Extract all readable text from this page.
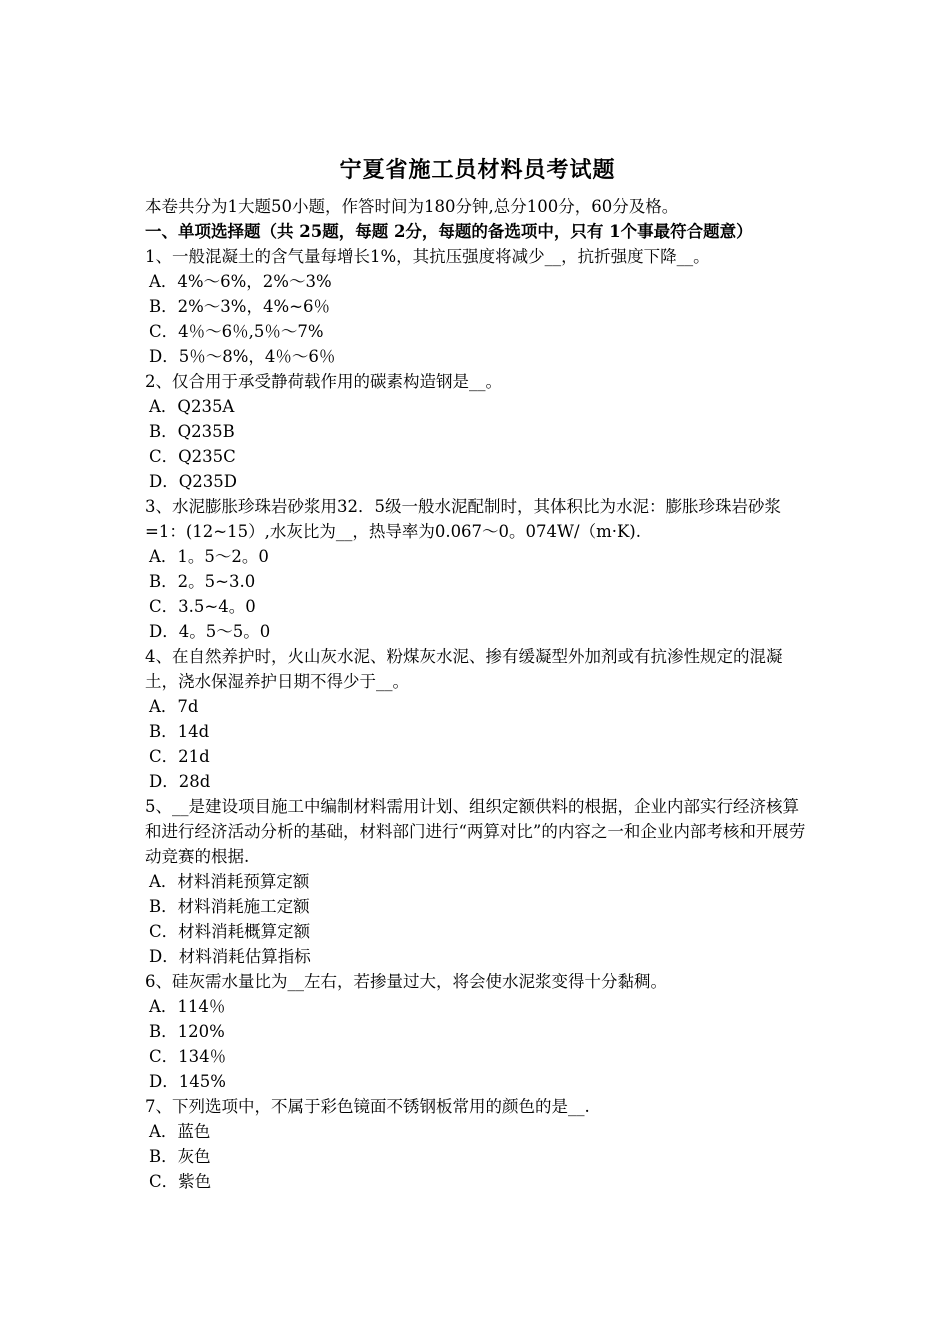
宁夏省施工员材料员考试题

本卷共分为1大题50小题，作答时间为180分钟,总分100分，60分及格。

一、单项选择题（共 25题，每题 2分，每题的备选项中，只有 1个事最符合题意）

1、一般混凝土的含气量每增长1%，其抗压强度将减少__，抗折强度下降__。

A．4%～6%，2%～3%
B．2%～3%，4%~6％
C．4％～6％,5％～7%
D．5％～8%，4％～6％

2、仅合用于承受静荷载作用的碳素构造钢是__。

A．Q235A
B．Q235B
C．Q235C
D．Q235D

3、水泥膨胀珍珠岩砂浆用32．5级一般水泥配制时，其体积比为水泥：膨胀珍珠岩砂浆=1：(12~15）,水灰比为__，热导率为0.067～0。074W/（m·K).

A．1。5～2。0
B．2。5~3.0
C．3.5~4。0
D．4。5～5。0

4、在自然养护时，火山灰水泥、粉煤灰水泥、掺有缓凝型外加剂或有抗渗性规定的混凝土，浇水保湿养护日期不得少于__。

A．7d
B．14d
C．21d
D．28d

5、__是建设项目施工中编制材料需用计划、组织定额供料的根据，企业内部实行经济核算和进行经济活动分析的基础，材料部门进行“两算对比”的内容之一和企业内部考核和开展劳动竞赛的根据.

A．材料消耗预算定额
B．材料消耗施工定额
C．材料消耗概算定额
D．材料消耗估算指标

6、硅灰需水量比为__左右，若掺量过大，将会使水泥浆变得十分黏稠。

A．114％
B．120%
C．134％
D．145%

7、下列选项中，不属于彩色镜面不锈钢板常用的颜色的是__.

A．蓝色
B．灰色
C．紫色
